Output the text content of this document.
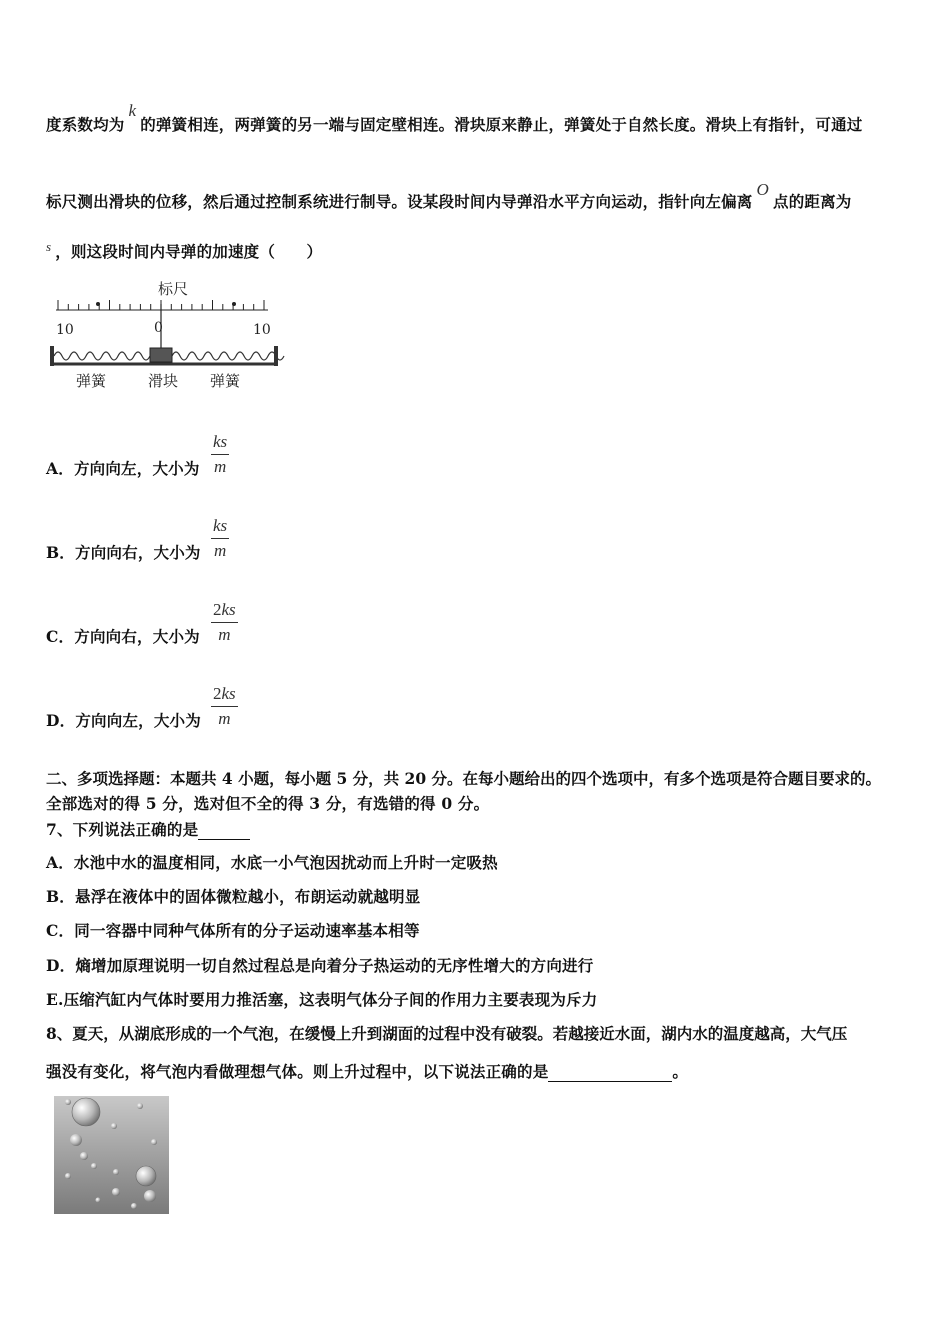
度系数均为k的弹簧相连，两弹簧的另一端与固定壁相连。滑块原来静止，弹簧处于自然长度。滑块上有指针，可通过
标尺测出滑块的位移，然后通过控制系统进行制导。设某段时间内导弹沿水平方向运动，指针向左偏离O点的距离为
$^s$ ，则这段时间内导弹的加速度（　　）
标尺
10	0	10
弹簧	滑块 弹簧
A．方向向左，大小为 $\frac{ks}{m}$
B．方向向右，大小为 $\frac{ks}{m}$
C．方向向右，大小为 $\frac{2ks}{m}$
D．方向向左，大小为 $\frac{2ks}{m}$
二、多项选择题：本题共 4 小题，每小题 5 分，共 20 分。在每小题给出的四个选项中，有多个选项是符合题目要求的。
全部选对的得 5 分，选对但不全的得 3 分，有选错的得 0 分。
7、下列说法正确的是
A．水池中水的温度相同，水底一小气泡因扰动而上升时一定吸热
B．悬浮在液体中的固体微粒越小，布朗运动就越明显
C．同一容器中同种气体所有的分子运动速率基本相等
D．熵增加原理说明一切自然过程总是向着分子热运动的无序性增大的方向进行
E.压缩汽缸内气体时要用力推活塞，这表明气体分子间的作用力主要表现为斥力
8、夏天，从湖底形成的一个气泡，在缓慢上升到湖面的过程中没有破裂。若越接近水面，湖内水的温度越高，大气压
强没有变化，将气泡内看做理想气体。则上升过程中，以下说法正确的是	。
